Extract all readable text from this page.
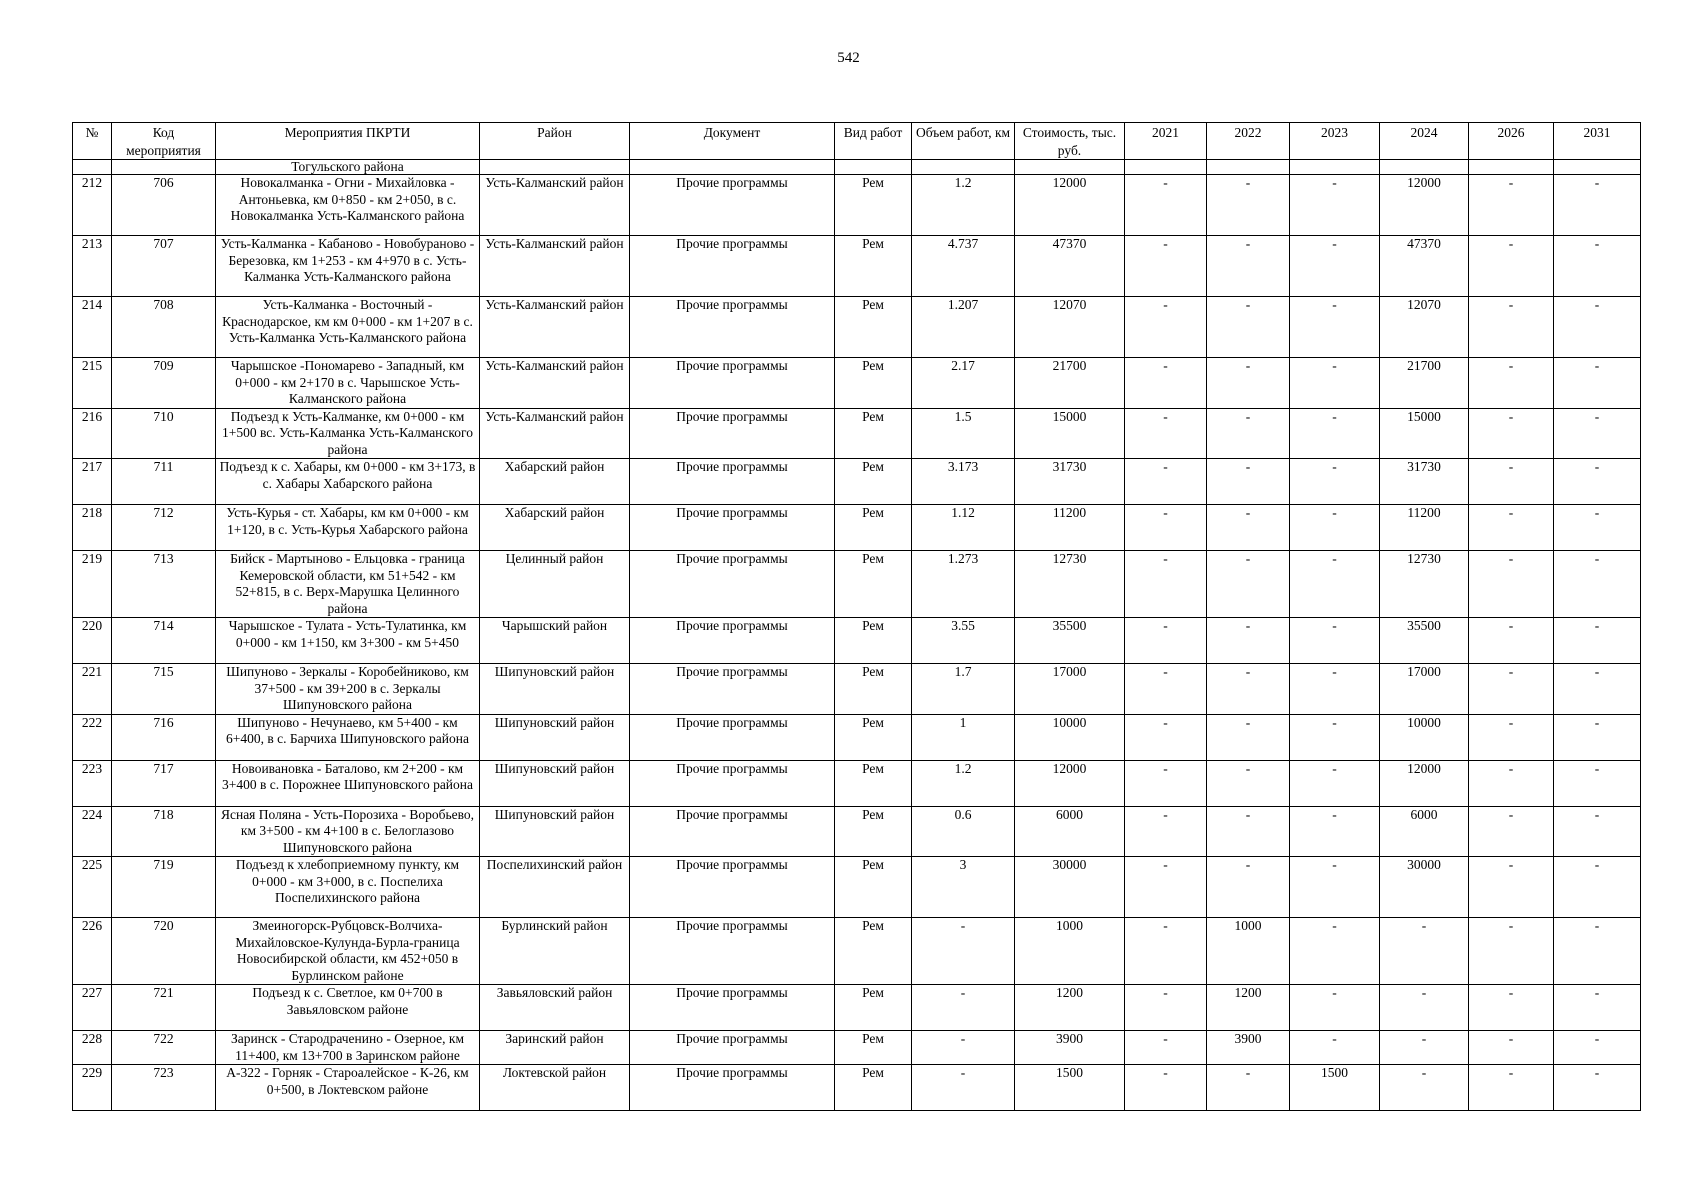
542
№	Код мероприятия	Мероприятия ПКРТИ	Район	Документ	Вид работ	Объем работ, км	Стоимость, тыс. руб.	2021	2022	2023	2024	2026	2031
		Тогульского района											
212	706	Новокалманка - Огни - Михайловка - Антоньевка, км 0+850 - км 2+050, в с. Новокалманка Усть-Калманского района	Усть-Калманский район	Прочие программы	Рем	1.2	12000	-	-	-	12000	-	-
213	707	Усть-Калманка - Кабаново - Новобураново - Березовка, км 1+253 - км 4+970 в с. Усть-Калманка Усть-Калманского района	Усть-Калманский район	Прочие программы	Рем	4.737	47370	-	-	-	47370	-	-
214	708	Усть-Калманка - Восточный - Краснодарское, км км 0+000 - км 1+207 в с. Усть-Калманка Усть-Калманского района	Усть-Калманский район	Прочие программы	Рем	1.207	12070	-	-	-	12070	-	-
215	709	Чарышское -Пономарево - Западный, км 0+000 - км 2+170 в с. Чарышское Усть-Калманского района	Усть-Калманский район	Прочие программы	Рем	2.17	21700	-	-	-	21700	-	-
216	710	Подъезд к Усть-Калманке, км 0+000 - км 1+500 вс. Усть-Калманка Усть-Калманского района	Усть-Калманский район	Прочие программы	Рем	1.5	15000	-	-	-	15000	-	-
217	711	Подъезд к с. Хабары, км 0+000 - км 3+173, в с. Хабары Хабарского района	Хабарский район	Прочие программы	Рем	3.173	31730	-	-	-	31730	-	-
218	712	Усть-Курья - ст. Хабары, км км 0+000 - км 1+120, в с. Усть-Курья Хабарского района	Хабарский район	Прочие программы	Рем	1.12	11200	-	-	-	11200	-	-
219	713	Бийск - Мартыново - Ельцовка - граница Кемеровской области, км 51+542 - км 52+815, в с. Верх-Марушка Целинного района	Целинный район	Прочие программы	Рем	1.273	12730	-	-	-	12730	-	-
220	714	Чарышское - Тулата - Усть-Тулатинка, км 0+000 - км 1+150, км 3+300 - км 5+450	Чарышский район	Прочие программы	Рем	3.55	35500	-	-	-	35500	-	-
221	715	Шипуново - Зеркалы - Коробейниково, км 37+500 - км 39+200 в с. Зеркалы Шипуновского района	Шипуновский район	Прочие программы	Рем	1.7	17000	-	-	-	17000	-	-
222	716	Шипуново - Нечунаево, км 5+400 - км 6+400, в с. Барчиха Шипуновского района	Шипуновский район	Прочие программы	Рем	1	10000	-	-	-	10000	-	-
223	717	Новоивановка - Баталово, км 2+200 - км 3+400 в с. Порожнее Шипуновского района	Шипуновский район	Прочие программы	Рем	1.2	12000	-	-	-	12000	-	-
224	718	Ясная Поляна - Усть-Порозиха - Воробьево, км 3+500 - км 4+100 в с. Белоглазово Шипуновского района	Шипуновский район	Прочие программы	Рем	0.6	6000	-	-	-	6000	-	-
225	719	Подъезд к хлебоприемному пункту, км 0+000 - км 3+000, в с. Поспелиха Поспелихинского района	Поспелихинский район	Прочие программы	Рем	3	30000	-	-	-	30000	-	-
226	720	Змеиногорск-Рубцовск-Волчиха-Михайловское-Кулунда-Бурла-граница Новосибирской области, км 452+050 в Бурлинском районе	Бурлинский район	Прочие программы	Рем	-	1000	-	1000	-	-	-	-
227	721	Подъезд к с. Светлое, км 0+700 в Завьяловском районе	Завьяловский район	Прочие программы	Рем	-	1200	-	1200	-	-	-	-
228	722	Заринск - Стародраченино - Озерное, км 11+400, км 13+700 в Заринском районе	Заринский район	Прочие программы	Рем	-	3900	-	3900	-	-	-	-
229	723	А-322 - Горняк - Староалейское - К-26, км 0+500, в Локтевском районе	Локтевской район	Прочие программы	Рем	-	1500	-	-	1500	-	-	-
